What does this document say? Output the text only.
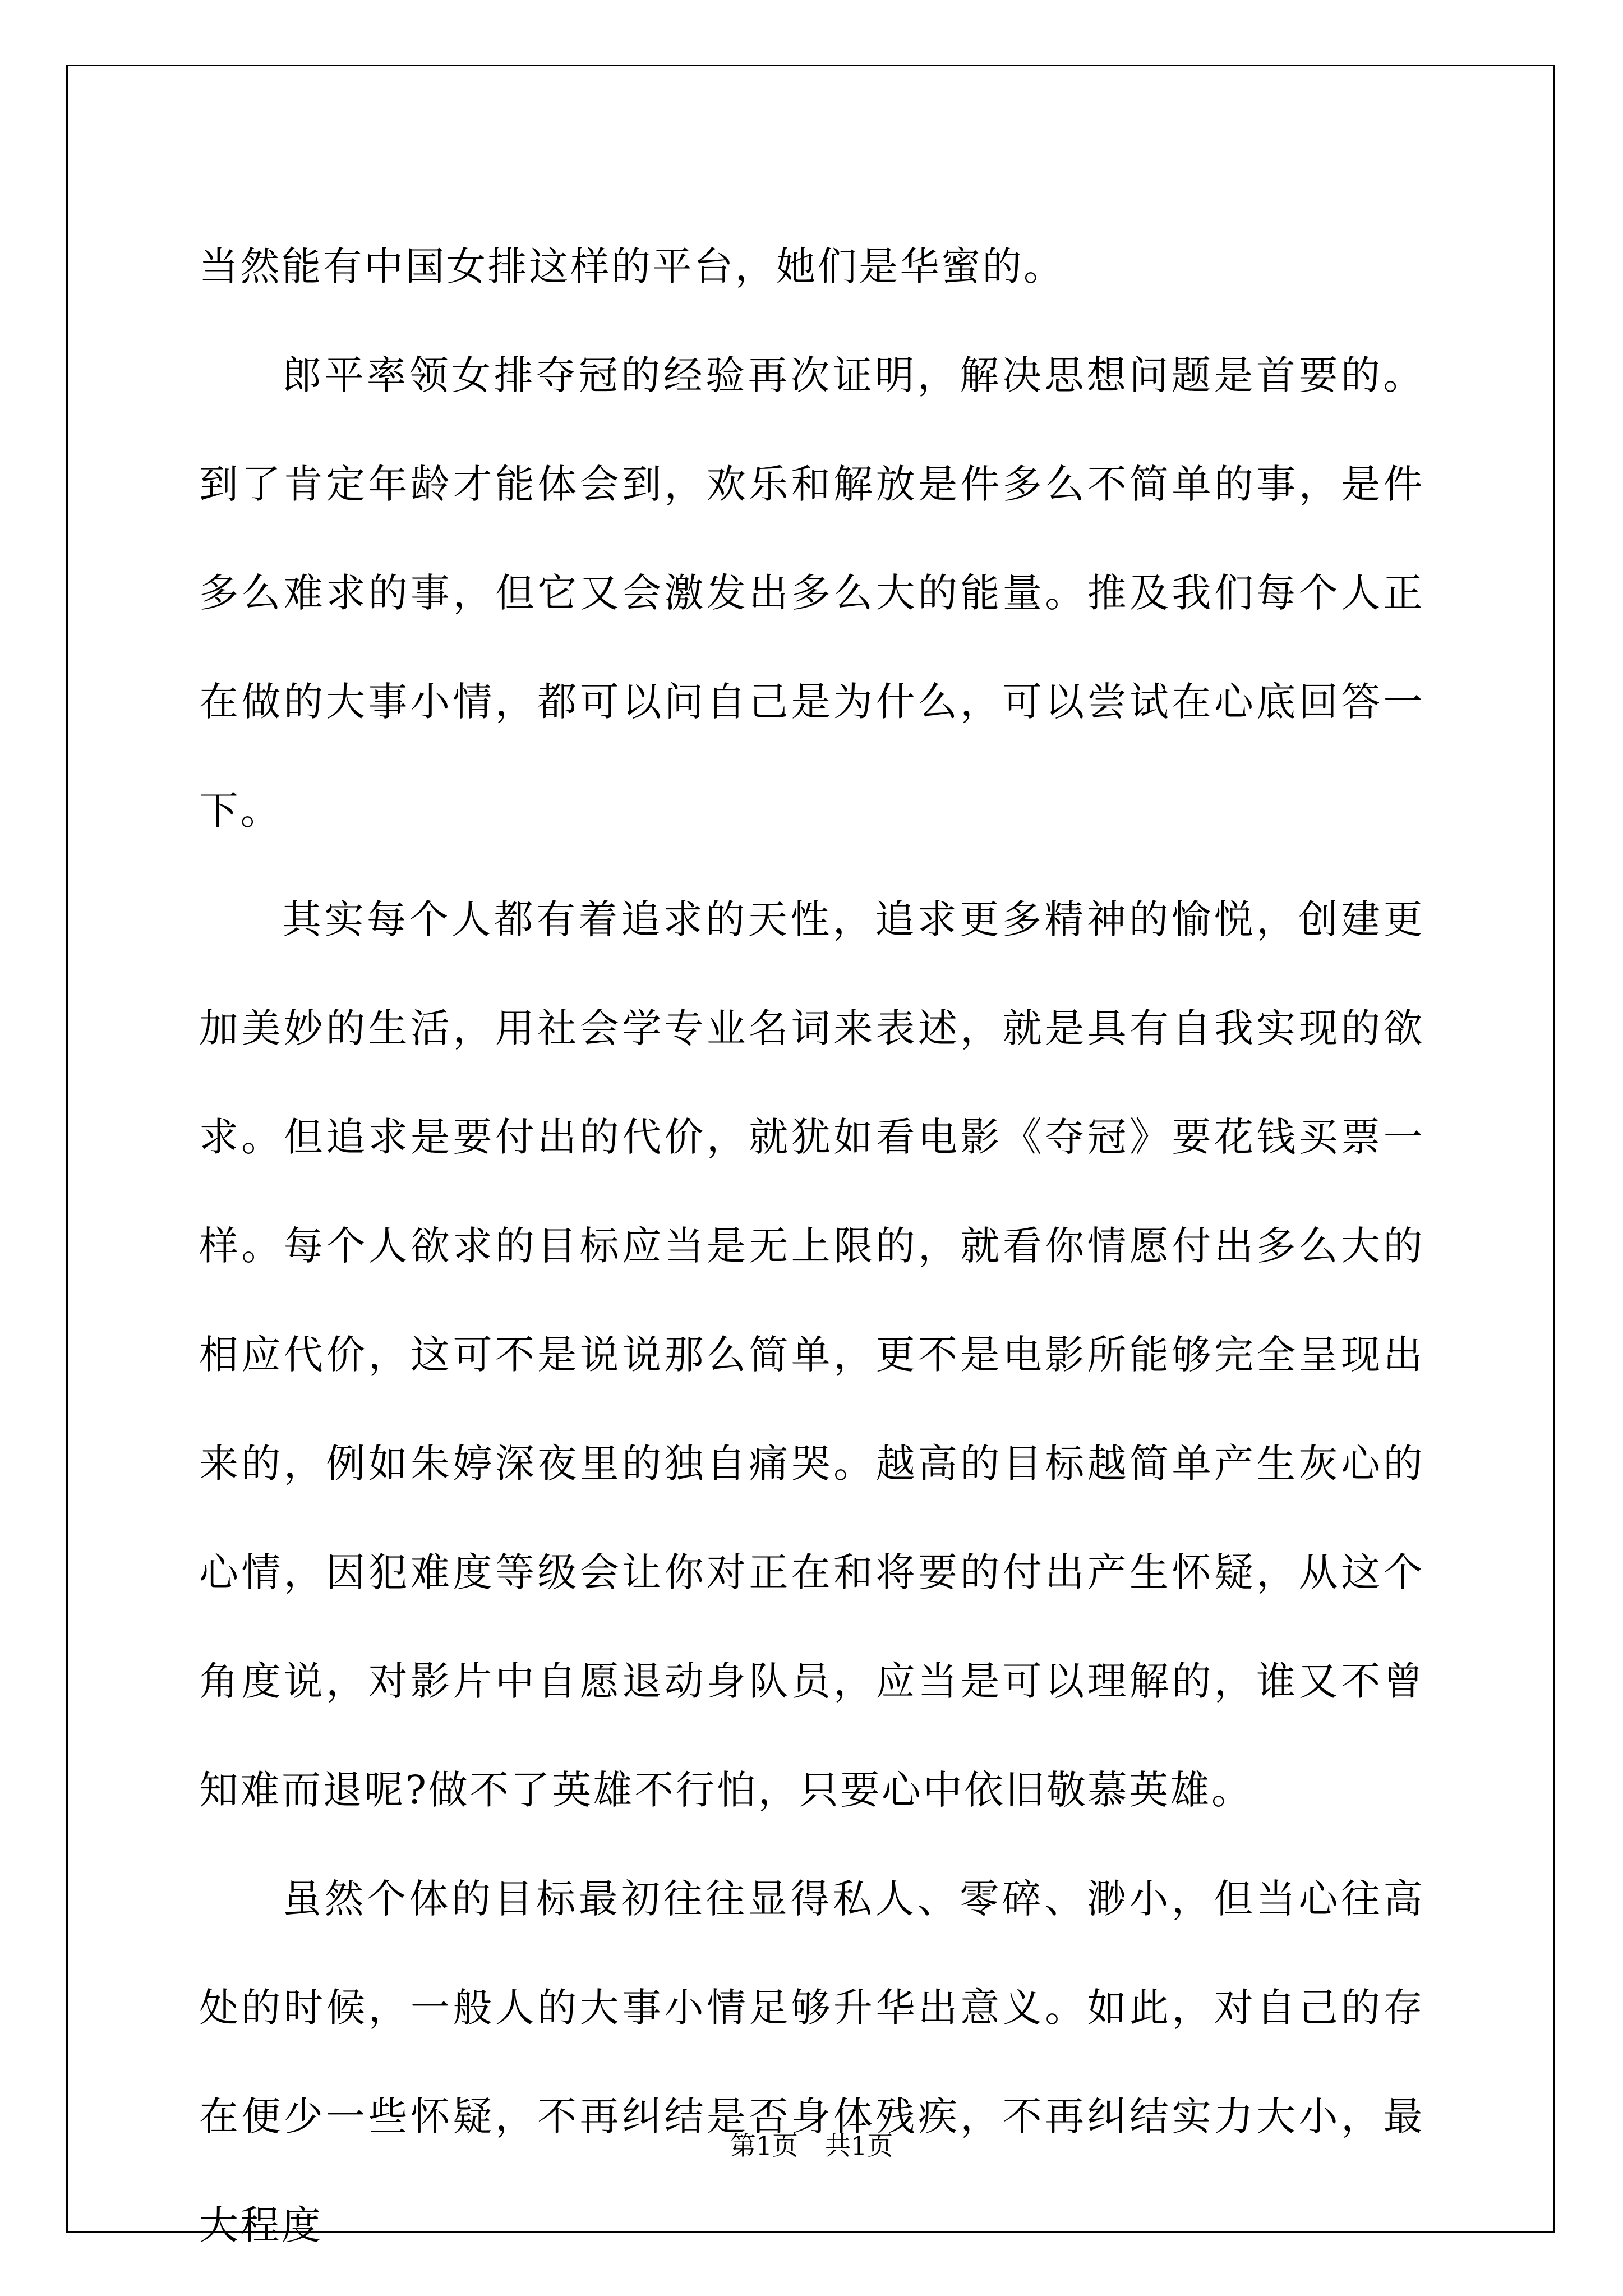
当然能有中国女排这样的平台，她们是华蜜的。

郎平率领女排夺冠的经验再次证明，解决思想问题是首要的。到了肯定年龄才能体会到，欢乐和解放是件多么不简单的事，是件多么难求的事，但它又会激发出多么大的能量。推及我们每个人正在做的大事小情，都可以问自己是为什么，可以尝试在心底回答一下。

其实每个人都有着追求的天性，追求更多精神的愉悦，创建更加美妙的生活，用社会学专业名词来表述，就是具有自我实现的欲求。但追求是要付出的代价，就犹如看电影《夺冠》要花钱买票一样。每个人欲求的目标应当是无上限的，就看你情愿付出多么大的相应代价，这可不是说说那么简单，更不是电影所能够完全呈现出来的，例如朱婷深夜里的独自痛哭。越高的目标越简单产生灰心的心情，因犯难度等级会让你对正在和将要的付出产生怀疑，从这个角度说，对影片中自愿退动身队员，应当是可以理解的，谁又不曾知难而退呢?做不了英雄不行怕，只要心中依旧敬慕英雄。

虽然个体的目标最初往往显得私人、零碎、渺小，但当心往高处的时候，一般人的大事小情足够升华出意义。如此，对自己的存在便少一些怀疑，不再纠结是否身体残疾，不再纠结实力大小，最大程度

第1页 共1页
